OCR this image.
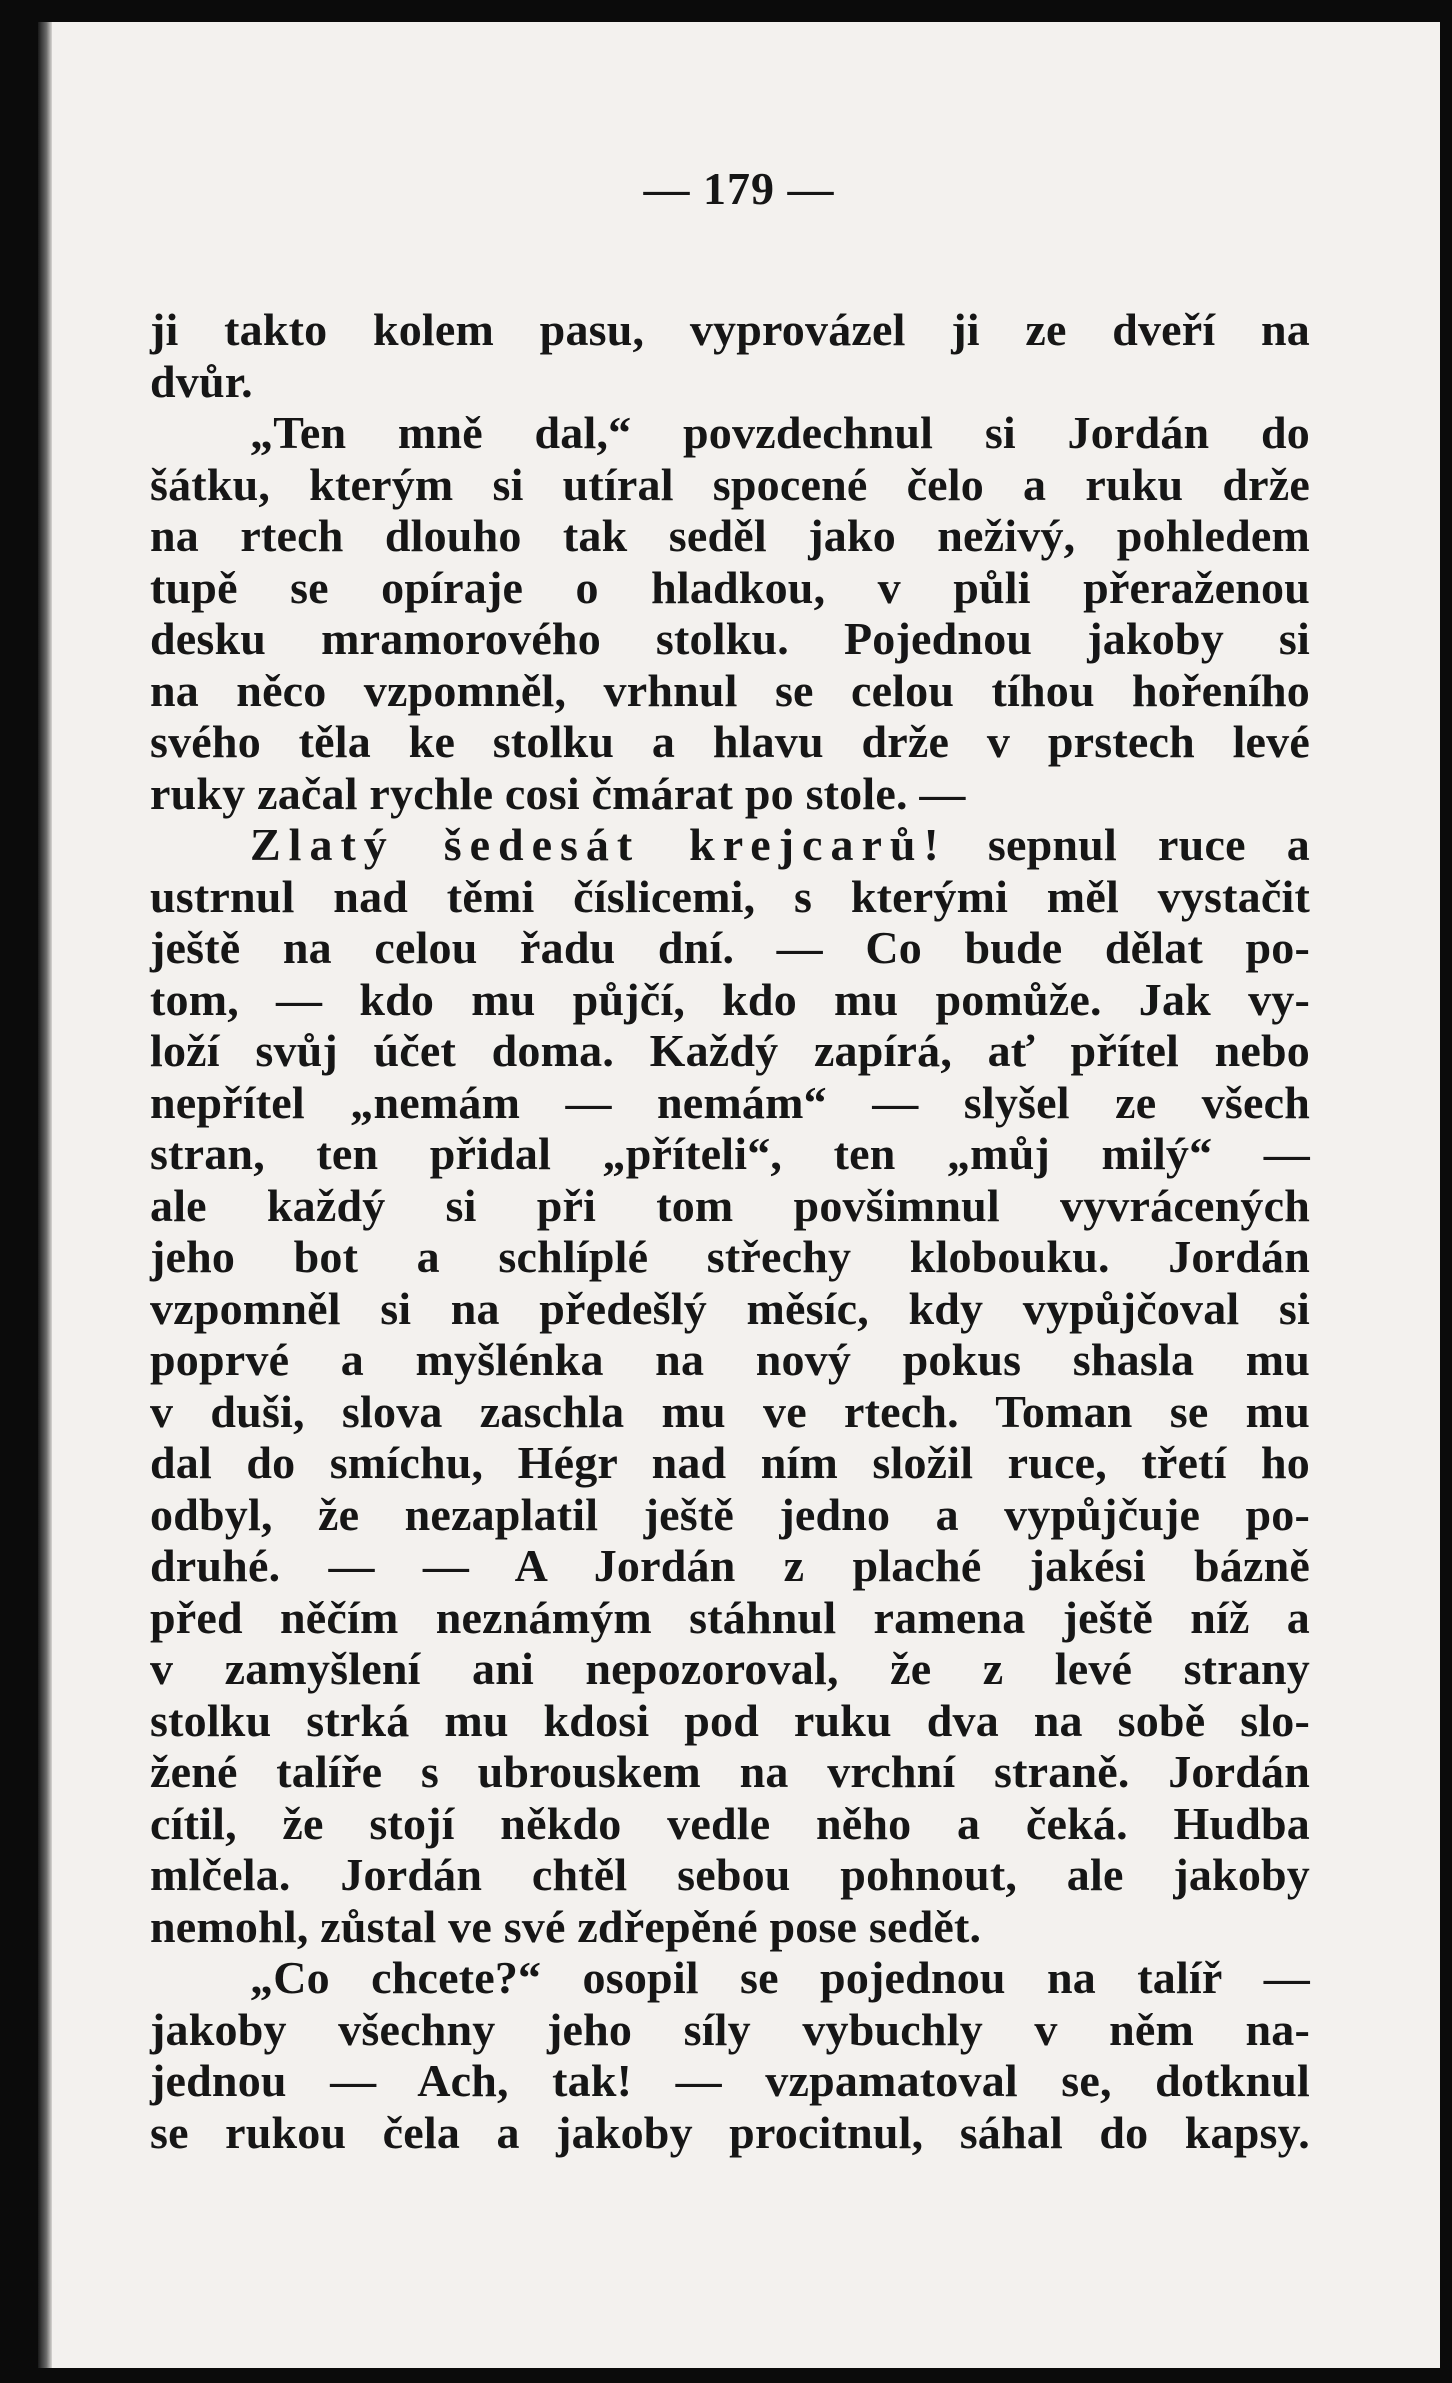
— 179 —
ji takto kolem pasu, vyprovázel ji ze dveří na
dvůr.
„Ten mně dal,“ povzdechnul si Jordán do
šátku, kterým si utíral spocené čelo a ruku drže
na rtech dlouho tak seděl jako neživý, pohledem
tupě se opíraje o hladkou, v půli přeraženou
desku mramorového stolku. Pojednou jakoby si
na něco vzpomněl, vrhnul se celou tíhou hořeního
svého těla ke stolku a hlavu drže v prstech levé
ruky začal rychle cosi čmárat po stole. —
Zlatý šedesát krejcarů! sepnul ruce a
ustrnul nad těmi číslicemi, s kterými měl vystačit
ještě na celou řadu dní. — Co bude dělat po-
tom, — kdo mu půjčí, kdo mu pomůže. Jak vy-
loží svůj účet doma. Každý zapírá, ať přítel nebo
nepřítel „nemám — nemám“ — slyšel ze všech
stran, ten přidal „příteli“, ten „můj milý“ —
ale každý si při tom povšimnul vyvrácených
jeho bot a schlíplé střechy klobouku. Jordán
vzpomněl si na předešlý měsíc, kdy vypůjčoval si
poprvé a myšlénka na nový pokus shasla mu
v duši, slova zaschla mu ve rtech. Toman se mu
dal do smíchu, Hégr nad ním složil ruce, třetí ho
odbyl, že nezaplatil ještě jedno a vypůjčuje po-
druhé. — — A Jordán z plaché jakési bázně
před něčím neznámým stáhnul ramena ještě níž a
v zamyšlení ani nepozoroval, že z levé strany
stolku strká mu kdosi pod ruku dva na sobě slo-
žené talíře s ubrouskem na vrchní straně. Jordán
cítil, že stojí někdo vedle něho a čeká. Hudba
mlčela. Jordán chtěl sebou pohnout, ale jakoby
nemohl, zůstal ve své zdřepěné pose sedět.
„Co chcete?“ osopil se pojednou na talíř —
jakoby všechny jeho síly vybuchly v něm na-
jednou — Ach, tak! — vzpamatoval se, dotknul
se rukou čela a jakoby procitnul, sáhal do kapsy.
